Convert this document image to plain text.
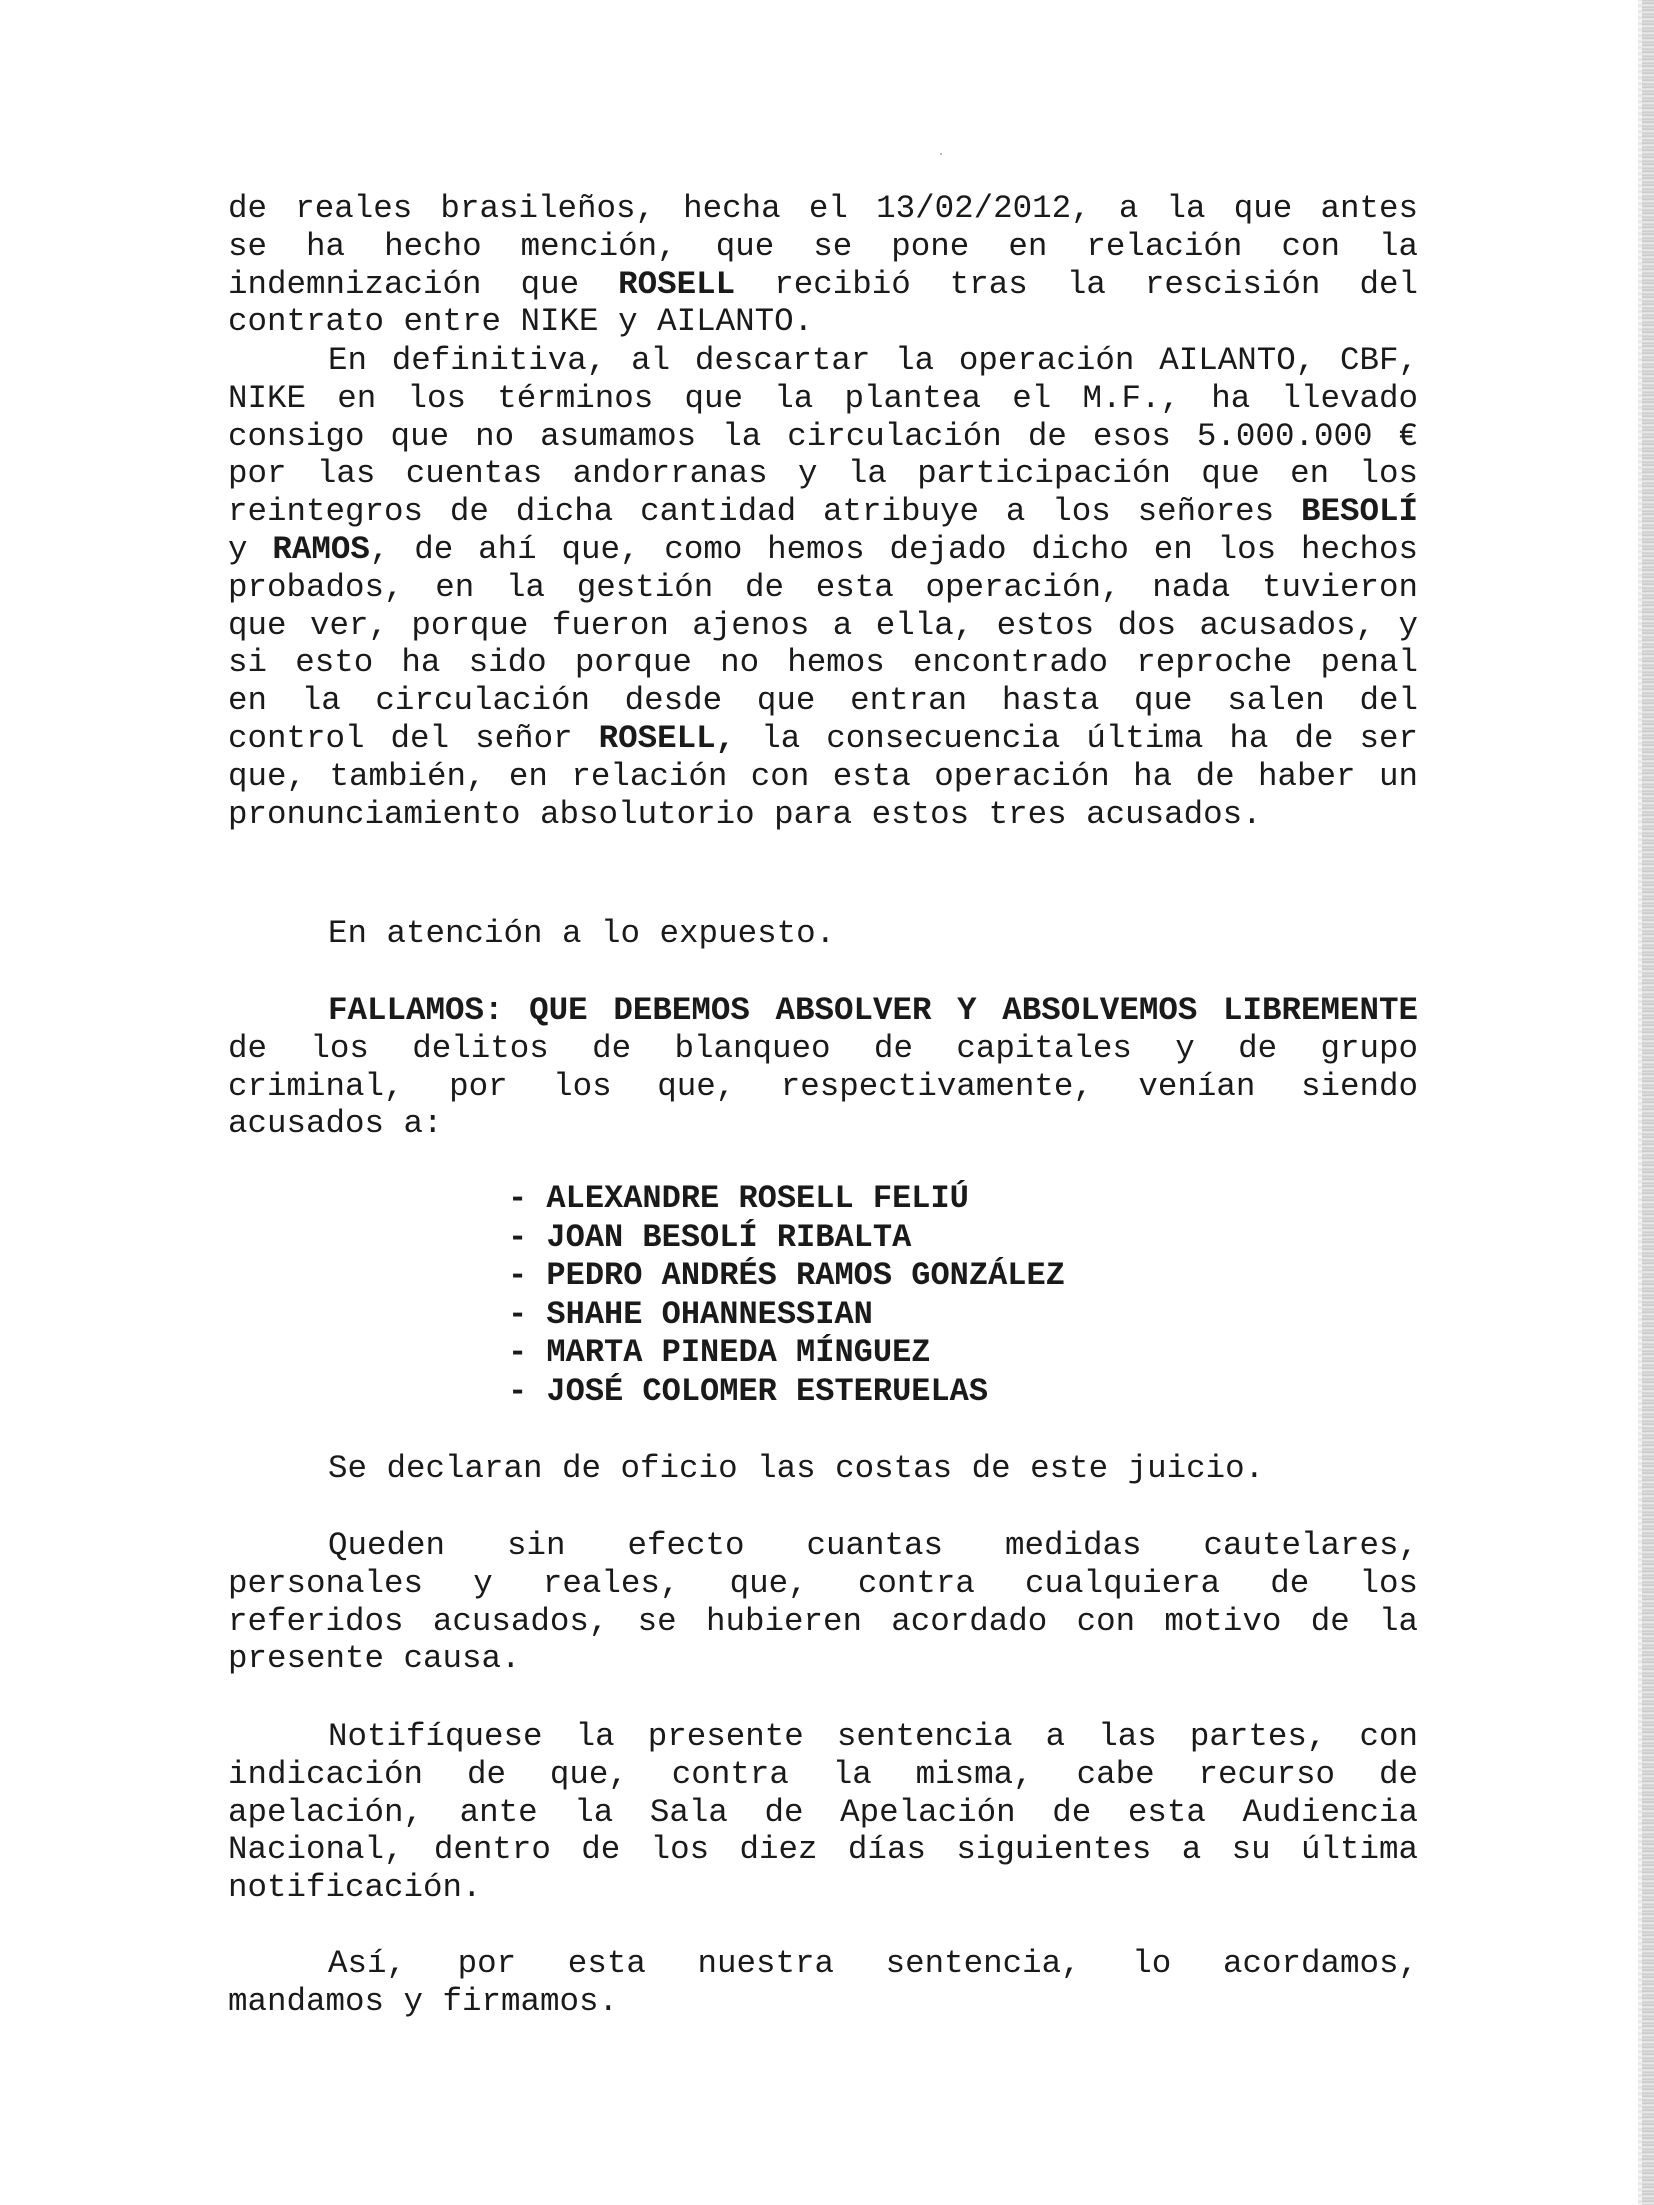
de reales brasileños, hecha el 13/02/2012, a la que antes
se ha hecho mención, que se pone en relación con la
indemnización que ROSELL recibió tras la rescisión del
contrato entre NIKE y AILANTO.
En definitiva, al descartar la operación AILANTO, CBF,
NIKE en los términos que la plantea el M.F., ha llevado
consigo que no asumamos la circulación de esos 5.000.000 €
por las cuentas andorranas y la participación que en los
reintegros de dicha cantidad atribuye a los señores BESOLÍ
y RAMOS, de ahí que, como hemos dejado dicho en los hechos
probados, en la gestión de esta operación, nada tuvieron
que ver, porque fueron ajenos a ella, estos dos acusados, y
si esto ha sido porque no hemos encontrado reproche penal
en la circulación desde que entran hasta que salen del
control del señor ROSELL, la consecuencia última ha de ser
que, también, en relación con esta operación ha de haber un
pronunciamiento absolutorio para estos tres acusados.
En atención a lo expuesto.
FALLAMOS: QUE DEBEMOS ABSOLVER Y ABSOLVEMOS LIBREMENTE
de los delitos de blanqueo de capitales y de grupo
criminal, por los que, respectivamente, venían siendo
acusados a:
- ALEXANDRE ROSELL FELIÚ
- JOAN BESOLÍ RIBALTA
- PEDRO ANDRÉS RAMOS GONZÁLEZ
- SHAHE OHANNESSIAN
- MARTA PINEDA MÍNGUEZ
- JOSÉ COLOMER ESTERUELAS
Se declaran de oficio las costas de este juicio.
Queden sin efecto cuantas medidas cautelares,
personales y reales, que, contra cualquiera de los
referidos acusados, se hubieren acordado con motivo de la
presente causa.
Notifíquese la presente sentencia a las partes, con
indicación de que, contra la misma, cabe recurso de
apelación, ante la Sala de Apelación de esta Audiencia
Nacional, dentro de los diez días siguientes a su última
notificación.
Así, por esta nuestra sentencia, lo acordamos,
mandamos y firmamos.
